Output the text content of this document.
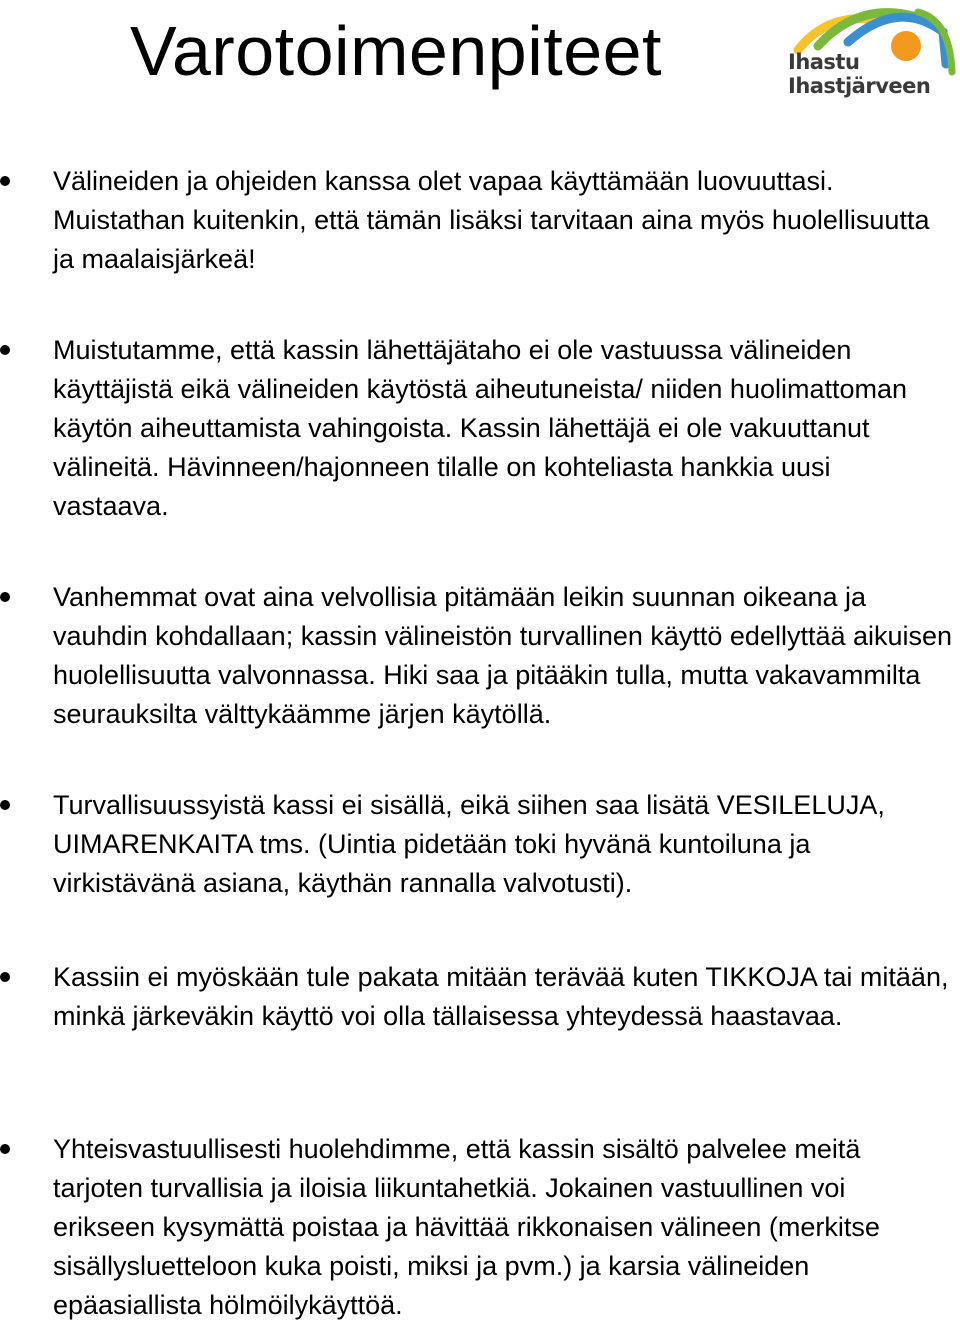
Varotoimenpiteet	Ihastu
Ihastjärveen

Välineiden ja ohjeiden kanssa olet vapaa käyttämään luovuuttasi. Muistathan kuitenkin, että tämän lisäksi tarvitaan aina myös huolellisuutta ja maalaisjärkeä!

Muistutamme, että kassin lähettäjätaho ei ole vastuussa välineiden käyttäjistä eikä välineiden käytöstä aiheutuneista/ niiden huolimattoman käytön aiheuttamista vahingoista. Kassin lähettäjä ei ole vakuuttanut välineitä. Hävinneen/hajonneen tilalle on kohteliasta hankkia uusi vastaava.

Vanhemmat ovat aina velvollisia pitämään leikin suunnan oikeana ja vauhdin kohdallaan; kassin välineistön turvallinen käyttö edellyttää aikuisen huolellisuutta valvonnassa. Hiki saa ja pitääkin tulla, mutta vakavammilta seurauksilta välttykäämme järjen käytöllä.

Turvallisuussyistä kassi ei sisällä, eikä siihen saa lisätä VESILELUJA, UIMARENKAITA tms. (Uintia pidetään toki hyvänä kuntoiluna ja virkistävänä asiana, käythän rannalla valvotusti).

Kassiin ei myöskään tule pakata mitään terävää kuten TIKKOJA tai mitään, minkä järkeväkin käyttö voi olla tällaisessa yhteydessä haastavaa.

Yhteisvastuullisesti huolehdimme, että kassin sisältö palvelee meitä tarjoten turvallisia ja iloisia liikuntahetkiä. Jokainen vastuullinen voi erikseen kysymättä poistaa ja hävittää rikkonaisen välineen (merkitse sisällysluetteloon kuka poisti, miksi ja pvm.) ja karsia välineiden epäasiallista hölmöilykäyttöä.
